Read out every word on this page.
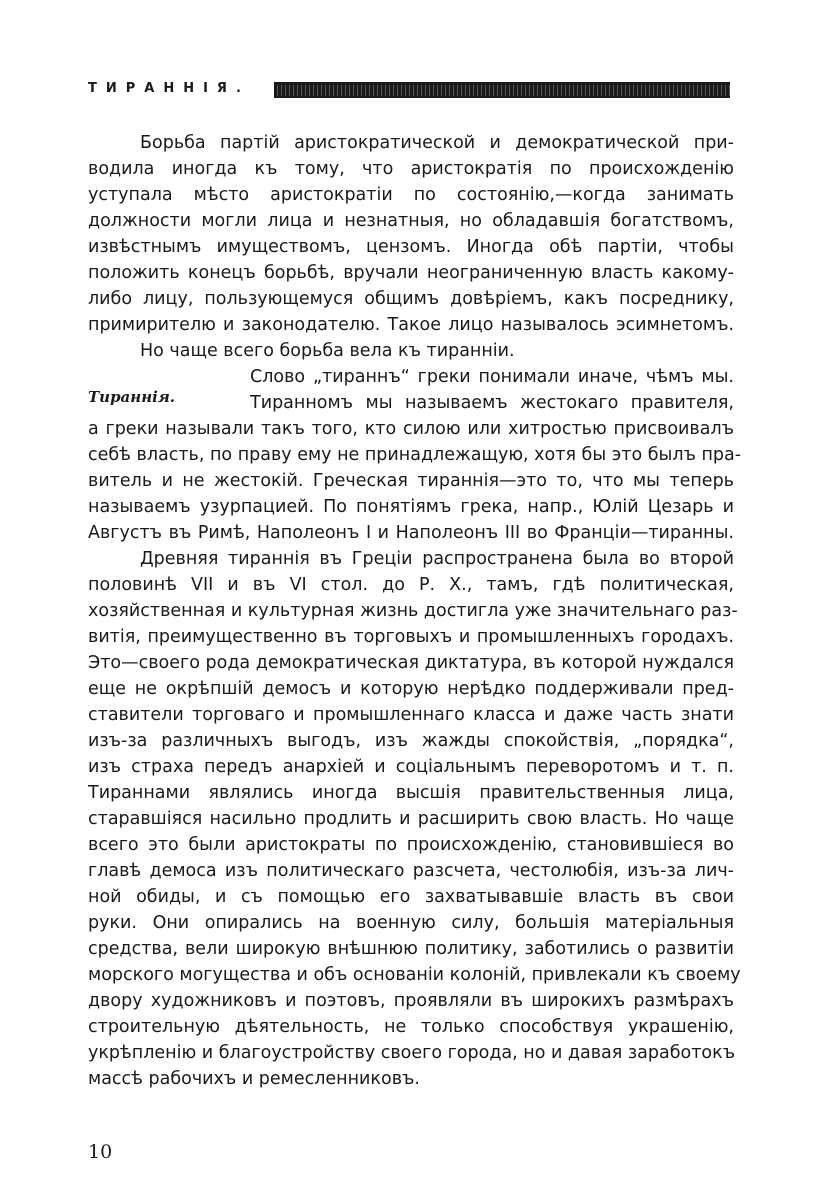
ТИРАННІЯ.
Тираннія.
Борьба партій аристократической и демократической при-
водила иногда къ тому, что аристократія по происхожденію
уступала мѣсто аристократіи по состоянію,—когда занимать
должности могли лица и незнатныя, но обладавшія богатствомъ,
извѣстнымъ имуществомъ, цензомъ. Иногда обѣ партіи, чтобы
положить конецъ борьбѣ, вручали неограниченную власть какому-
либо лицу, пользующемуся общимъ довѣріемъ, какъ посреднику,
примирителю и законодателю. Такое лицо называлось эсимнетомъ.
Но чаще всего борьба вела къ тираннiи.
Слово „тираннъ“ греки понимали иначе, чѣмъ мы.
Тиранномъ мы называемъ жестокаго правителя,
а греки называли такъ того, кто силою или хитростью присвоивалъ
себѣ власть, по праву ему не принадлежащую, хотя бы это былъ пра-
витель и не жестокій. Греческая тираннія—это то, что мы теперь
называемъ узурпацией. По понятіямъ грека, напр., Юлій Цезарь и
Августъ въ Римѣ, Наполеонъ I и Наполеонъ III во Франціи—тиранны.
Древняя тираннія въ Греціи распространена была во второй
половинѣ VII и въ VI стол. до Р. Х., тамъ, гдѣ политическая,
хозяйственная и культурная жизнь достигла уже значительнаго раз-
витія, преимущественно въ торговыхъ и промышленныхъ городахъ.
Это—своего рода демократическая диктатура, въ которой нуждался
еще не окрѣпшій демосъ и которую нерѣдко поддерживали пред-
ставители торговаго и промышленнаго класса и даже часть знати
изъ-за различныхъ выгодъ, изъ жажды спокойствія, „порядка“,
изъ страха передъ анархіей и соціальнымъ переворотомъ и т. п.
Тираннами являлись иногда высшія правительственныя лица,
старавшіяся насильно продлить и расширить свою власть. Но чаще
всего это были аристократы по происхожденію, становившіеся во
главѣ демоса изъ политическаго разсчета, честолюбія, изъ-за лич-
ной обиды, и съ помощью его захватывавшіе власть въ свои
руки. Они опирались на военную силу, большія матеріальныя
средства, вели широкую внѣшнюю политику, заботились о развитіи
морского могущества и объ основаніи колоній, привлекали къ своему
двору художниковъ и поэтовъ, проявляли въ широкихъ размѣрахъ
строительную дѣятельность, не только способствуя украшенію,
укрѣпленію и благоустройству своего города, но и давая заработокъ
массѣ рабочихъ и ремесленниковъ.
10
